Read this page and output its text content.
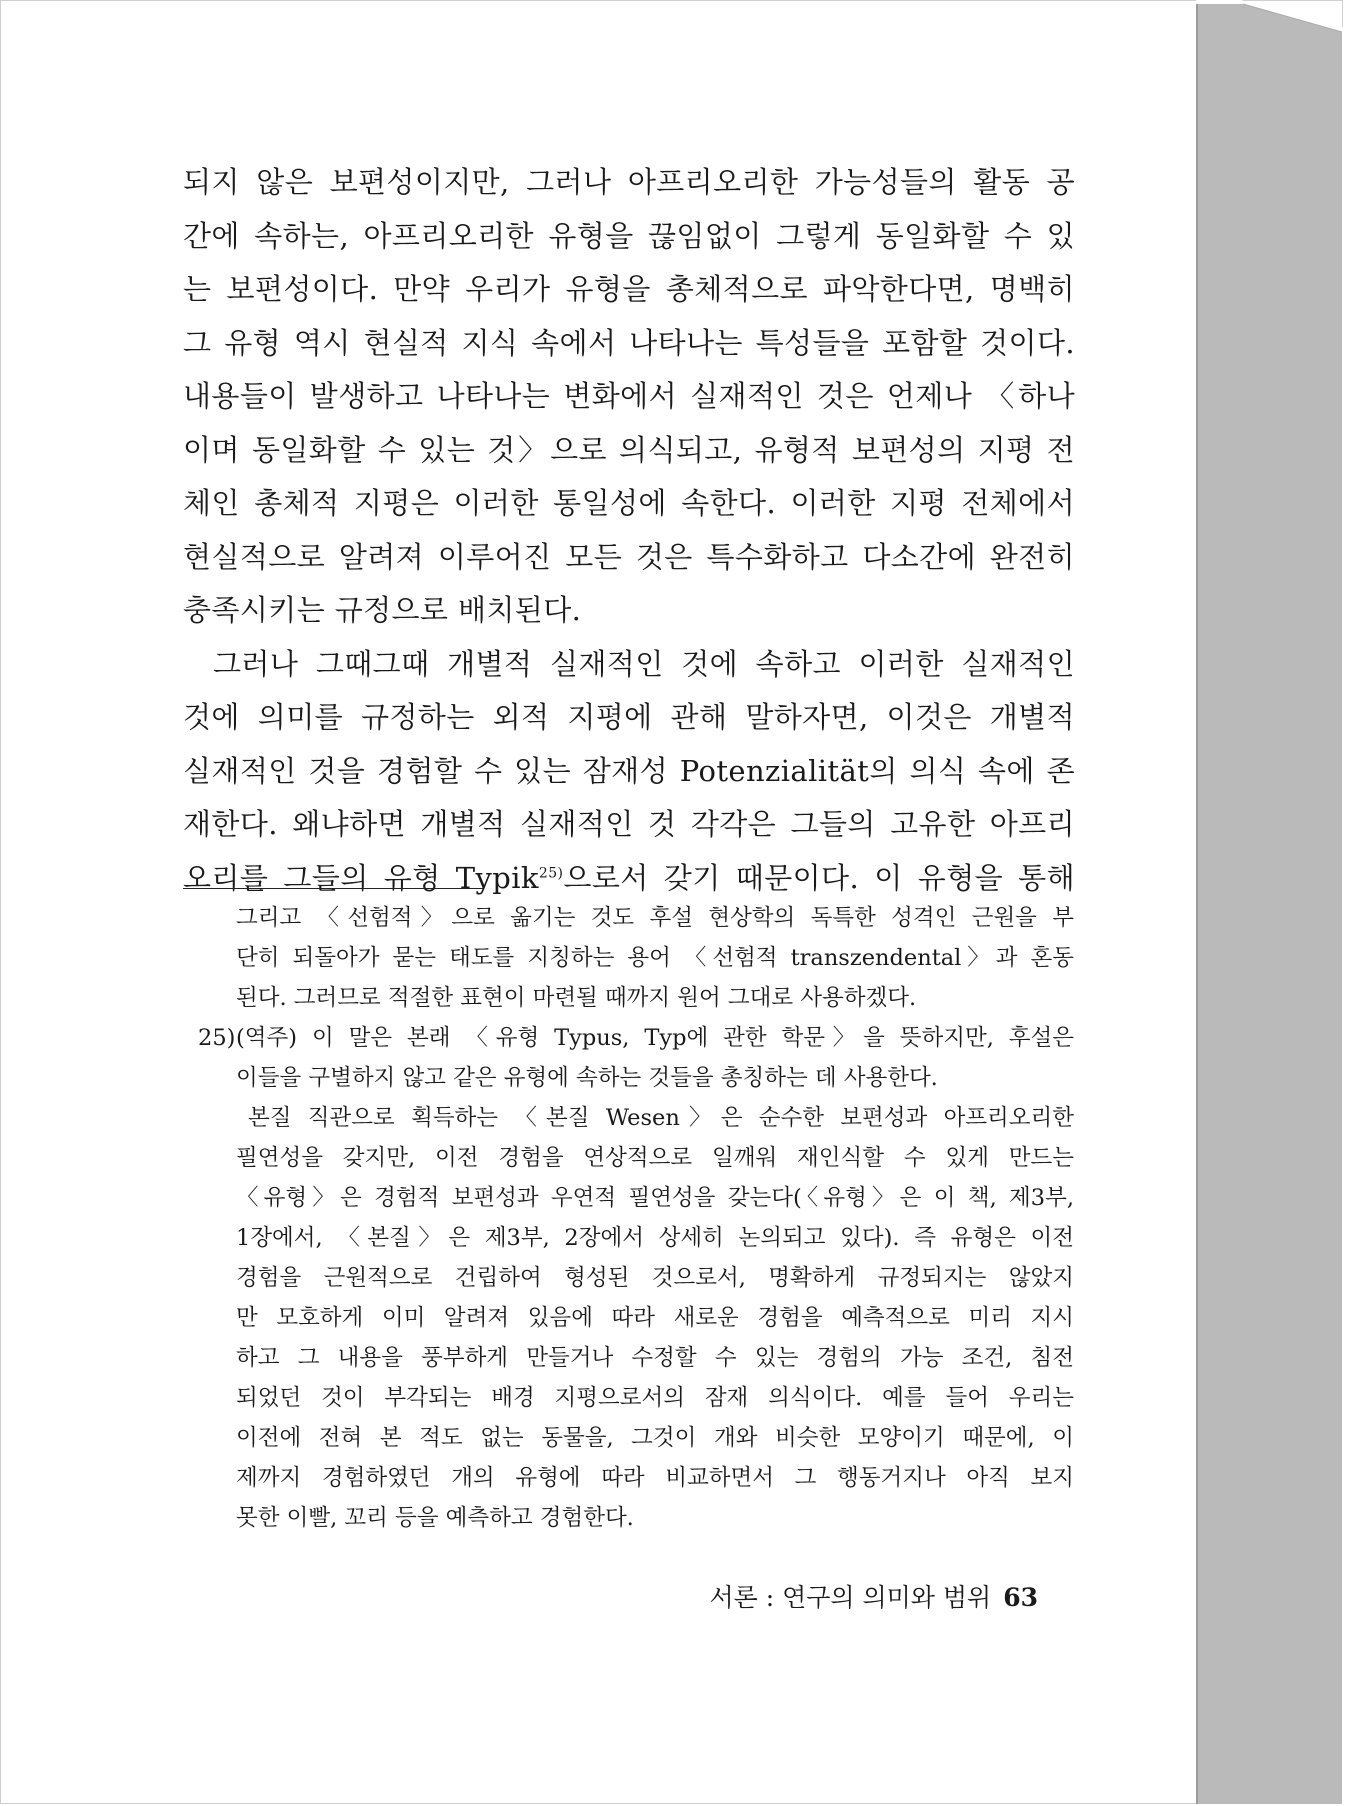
되지 않은 보편성이지만, 그러나 아프리오리한 가능성들의 활동 공
간에 속하는, 아프리오리한 유형을 끊임없이 그렇게 동일화할 수 있
는 보편성이다. 만약 우리가 유형을 총체적으로 파악한다면, 명백히
그 유형 역시 현실적 지식 속에서 나타나는 특성들을 포함할 것이다.
내용들이 발생하고 나타나는 변화에서 실재적인 것은 언제나 〈하나
이며 동일화할 수 있는 것〉으로 의식되고, 유형적 보편성의 지평 전
체인 총체적 지평은 이러한 통일성에 속한다. 이러한 지평 전체에서
현실적으로 알려져 이루어진 모든 것은 특수화하고 다소간에 완전히
충족시키는 규정으로 배치된다.
그러나 그때그때 개별적 실재적인 것에 속하고 이러한 실재적인
것에 의미를 규정하는 외적 지평에 관해 말하자면, 이것은 개별적
실재적인 것을 경험할 수 있는 잠재성 Potenzialität의 의식 속에 존
재한다. 왜냐하면 개별적 실재적인 것 각각은 그들의 고유한 아프리
오리를 그들의 유형 Typik$^{25)}$으로서 갖기 때문이다. 이 유형을 통해
그리고 〈선험적〉으로 옮기는 것도 후설 현상학의 독특한 성격인 근원을 부
단히 되돌아가 묻는 태도를 지칭하는 용어 〈선험적 transzendental〉과 혼동
된다. 그러므로 적절한 표현이 마련될 때까지 원어 그대로 사용하겠다.
25)(역주) 이 말은 본래 〈유형 Typus, Typ에 관한 학문〉을 뜻하지만, 후설은
이들을 구별하지 않고 같은 유형에 속하는 것들을 총칭하는 데 사용한다.
본질 직관으로 획득하는 〈본질 Wesen〉은 순수한 보편성과 아프리오리한
필연성을 갖지만, 이전 경험을 연상적으로 일깨워 재인식할 수 있게 만드는
〈유형〉은 경험적 보편성과 우연적 필연성을 갖는다(〈유형〉은 이 책, 제3부,
1장에서, 〈본질〉은 제3부, 2장에서 상세히 논의되고 있다). 즉 유형은 이전
경험을 근원적으로 건립하여 형성된 것으로서, 명확하게 규정되지는 않았지
만 모호하게 이미 알려져 있음에 따라 새로운 경험을 예측적으로 미리 지시
하고 그 내용을 풍부하게 만들거나 수정할 수 있는 경험의 가능 조건, 침전
되었던 것이 부각되는 배경 지평으로서의 잠재 의식이다. 예를 들어 우리는
이전에 전혀 본 적도 없는 동물을, 그것이 개와 비슷한 모양이기 때문에, 이
제까지 경험하였던 개의 유형에 따라 비교하면서 그 행동거지나 아직 보지
못한 이빨, 꼬리 등을 예측하고 경험한다.
서론 : 연구의 의미와 범위 63
